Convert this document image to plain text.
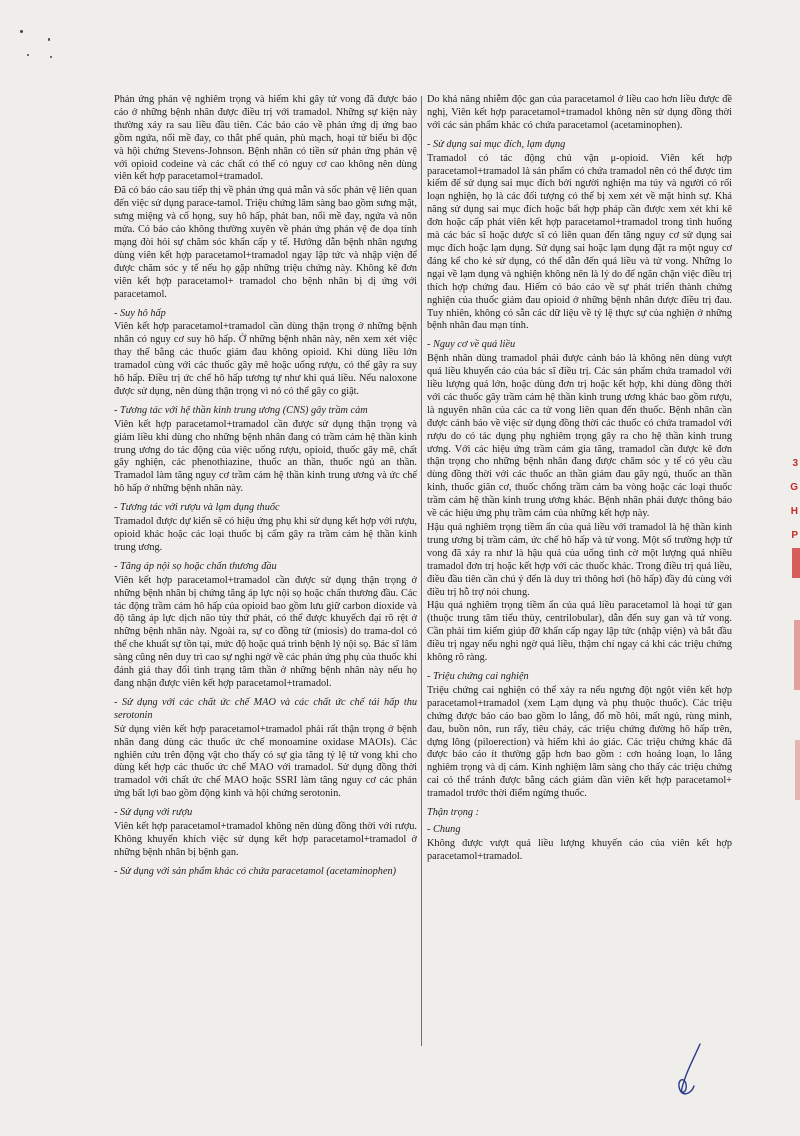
Phản ứng phản vệ nghiêm trọng và hiếm khi gây tử vong đã được báo cáo ở những bệnh nhân được điều trị với tramadol. Những sự kiện này thường xảy ra sau liều đầu tiên. Các báo cáo về phản ứng dị ứng bao gồm ngứa, nổi mề đay, co thắt phế quản, phù mạch, hoại tử biểu bì độc và hội chứng Stevens-Johnson. Bệnh nhân có tiền sử phản ứng phản vệ với opioid codeine và các chất có thể có nguy cơ cao không nên dùng viên kết hợp paracetamol+tramadol.

Đã có báo cáo sau tiếp thị về phản ứng quá mẫn và sốc phản vệ liên quan đến việc sử dụng parace-tamol. Triệu chứng lâm sàng bao gồm sưng mặt, sưng miệng và cổ họng, suy hô hấp, phát ban, nổi mề đay, ngứa và nôn mửa. Có báo cáo không thường xuyên về phản ứng phản vệ đe dọa tính mạng đòi hỏi sự chăm sóc khẩn cấp y tế. Hướng dẫn bệnh nhân ngưng dùng viên kết hợp paracetamol+tramadol ngay lập tức và nhập viện để được chăm sóc y tế nếu họ gặp những triệu chứng này. Không kê đơn viên kết hợp paracetamol+ tramadol cho bệnh nhân bị dị ứng với paracetamol.

- Suy hô hấp

Viên kết hợp paracetamol+tramadol cần dùng thận trọng ở những bệnh nhân có nguy cơ suy hô hấp. Ở những bệnh nhân này, nên xem xét việc thay thế bằng các thuốc giảm đau không opioid. Khi dùng liều lớn tramadol cùng với các thuốc gây mê hoặc uống rượu, có thể gây ra suy hô hấp. Điều trị ức chế hô hấp tương tự như khi quá liều. Nếu naloxone được sử dụng, nên dùng thận trọng vì nó có thể gây co giật.

- Tương tác với hệ thần kinh trung ương (CNS) gây trầm cảm

Viên kết hợp paracetamol+tramadol cần được sử dụng thận trọng và giảm liều khi dùng cho những bệnh nhân đang có trầm cảm hệ thần kinh trung ương do tác động của việc uống rượu, opioid, thuốc gây mê, chất gây nghiện, các phenothiazine, thuốc an thần, thuốc ngủ an thần. Tramadol làm tăng nguy cơ trầm cảm hệ thần kinh trung ương và ức chế hô hấp ở những bệnh nhân này.

- Tương tác với rượu và lạm dụng thuốc

Tramadol được dự kiến sẽ có hiệu ứng phụ khi sử dụng kết hợp với rượu, opioid khác hoặc các loại thuốc bị cấm gây ra trầm cảm hệ thần kinh trung ương.

- Tăng áp nội sọ hoặc chấn thương đầu

Viên kết hợp paracetamol+tramadol cần được sử dụng thận trọng ở những bệnh nhân bị chứng tăng áp lực nội sọ hoặc chấn thương đầu. Các tác động trầm cảm hô hấp của opioid bao gồm lưu giữ carbon dioxide và độ tăng áp lực dịch não tủy thứ phát, có thể được khuyếch đại rõ rệt ở những bệnh nhân này. Ngoài ra, sự co đồng tử (miosis) do trama-dol có thể che khuất sự tồn tại, mức độ hoặc quá trình bệnh lý nội sọ. Bác sĩ lâm sàng cũng nên duy trì cao sự nghi ngờ về các phản ứng phụ của thuốc khi đánh giá thay đổi tình trạng tâm thần ở những bệnh nhân này nếu họ đang nhận được viên kết hợp paracetamol+tramadol.

- Sử dụng với các chất ức chế MAO và các chất ức chế tái hấp thu serotonin

Sử dụng viên kết hợp paracetamol+tramadol phải rất thận trọng ở bệnh nhân đang dùng các thuốc ức chế monoamine oxidase MAOIs). Các nghiên cứu trên động vật cho thấy có sự gia tăng tỷ lệ tử vong khi cho dùng kết hợp các thuốc ức chế MAO với tramadol. Sử dụng đồng thời tramadol với chất ức chế MAO hoặc SSRI làm tăng nguy cơ các phản ứng bất lợi bao gồm động kinh và hội chứng serotonin.

- Sử dụng với rượu

Viên kết hợp paracetamol+tramadol không nên dùng đồng thời với rượu. Không khuyến khích việc sử dụng kết hợp paracetamol+tramadol ở những bệnh nhân bị bệnh gan.

- Sử dụng với sản phẩm khác có chứa paracetamol (acetaminophen)

Do khả năng nhiễm độc gan của paracetamol ở liều cao hơn liều được đề nghị, Viên kết hợp paracetamol+tramadol không nên sử dụng đồng thời với các sản phẩm khác có chứa paracetamol (acetaminophen).

- Sử dụng sai mục đích, lạm dụng

Tramadol có tác động chủ vận μ-opioid. Viên kết hợp paracetamol+tramadol là sản phẩm có chứa tramadol nên có thể được tìm kiếm để sử dụng sai mục đích bởi người nghiện ma túy và người có rối loạn nghiện, họ là các đối tượng có thể bị xem xét về mặt hình sự. Khả năng sử dụng sai mục đích hoặc bất hợp pháp cần được xem xét khi kê đơn hoặc cấp phát viên kết hợp paracetamol+tramadol trong tình huống mà các bác sĩ hoặc dược sĩ có liên quan đến tăng nguy cơ sử dụng sai mục đích hoặc lạm dụng. Sử dụng sai hoặc lạm dụng đặt ra một nguy cơ đáng kể cho kẻ sử dụng, có thể dẫn đến quá liều và tử vong. Những lo ngại về lạm dụng và nghiện không nên là lý do để ngăn chặn việc điều trị thích hợp chứng đau. Hiếm có báo cáo về sự phát triển thành chứng nghiện của thuốc giảm đau opioid ở những bệnh nhân được điều trị đau. Tuy nhiên, không có sẵn các dữ liệu về tỷ lệ thực sự của nghiện ở những bệnh nhân đau mạn tính.

- Nguy cơ về quá liều

Bệnh nhân dùng tramadol phải được cảnh báo là không nên dùng vượt quá liều khuyến cáo của bác sĩ điều trị. Các sản phẩm chứa tramadol với liều lượng quá lớn, hoặc dùng đơn trị hoặc kết hợp, khi dùng đồng thời với các thuốc gây trầm cảm hệ thần kinh trung ương khác bao gồm rượu, là nguyên nhân của các ca tử vong liên quan đến thuốc. Bệnh nhân cần được cảnh báo về việc sử dụng đồng thời các thuốc có chứa tramadol với rượu do có tác dụng phụ nghiêm trọng gây ra cho hệ thần kinh trung ương. Với các hiệu ứng trầm cảm gia tăng, tramadol cần được kê đơn thận trọng cho những bệnh nhân đang được chăm sóc y tế có yêu cầu dùng đồng thời với các thuốc an thần giảm đau gây ngủ, thuốc an thần kinh, thuốc giãn cơ, thuốc chống trầm cảm ba vòng hoặc các loại thuốc trầm cảm hệ thần kinh trung ương khác. Bệnh nhân phải được thông báo về các hiệu ứng phụ trầm cảm của những kết hợp này.

Hậu quả nghiêm trọng tiềm ẩn của quá liều với tramadol là hệ thần kinh trung ương bị trầm cảm, ức chế hô hấp và tử vong. Một số trường hợp tử vong đã xảy ra như là hậu quả của uống tình cờ một lượng quá nhiều tramadol đơn trị hoặc kết hợp với các thuốc khác. Trong điều trị quá liều, điều đầu tiên cần chú ý đến là duy trì thông hơi (hô hấp) đầy đủ cùng với điều trị hỗ trợ nói chung.

Hậu quả nghiêm trọng tiềm ẩn của quá liều paracetamol là hoại tử gan (thuộc trung tâm tiểu thùy, centrilobular), dẫn đến suy gan và tử vong. Cần phải tìm kiếm giúp đỡ khẩn cấp ngay lập tức (nhập viện) và bắt đầu điều trị ngay nếu nghi ngờ quá liều, thậm chí ngay cả khi các triệu chứng không rõ ràng.

- Triệu chứng cai nghiện

Triệu chứng cai nghiện có thể xảy ra nếu ngưng đột ngột viên kết hợp paracetamol+tramadol (xem Lạm dụng và phụ thuộc thuốc). Các triệu chứng được báo cáo bao gồm lo lắng, đổ mồ hôi, mất ngủ, rùng mình, đau, buồn nôn, run rẩy, tiêu chảy, các triệu chứng đường hô hấp trên, dựng lông (piloerection) và hiếm khi ảo giác. Các triệu chứng khác đã được báo cáo ít thường gặp hơn bao gồm : cơn hoảng loạn, lo lắng nghiêm trọng và dị cảm. Kinh nghiệm lâm sàng cho thấy các triệu chứng cai có thể tránh được bằng cách giảm dần viên kết hợp paracetamol+ tramadol trước thời điểm ngừng thuốc.

Thận trọng :

- Chung

Không được vượt quá liều lượng khuyến cáo của viên kết hợp paracetamol+tramadol.

3
G
H
P
